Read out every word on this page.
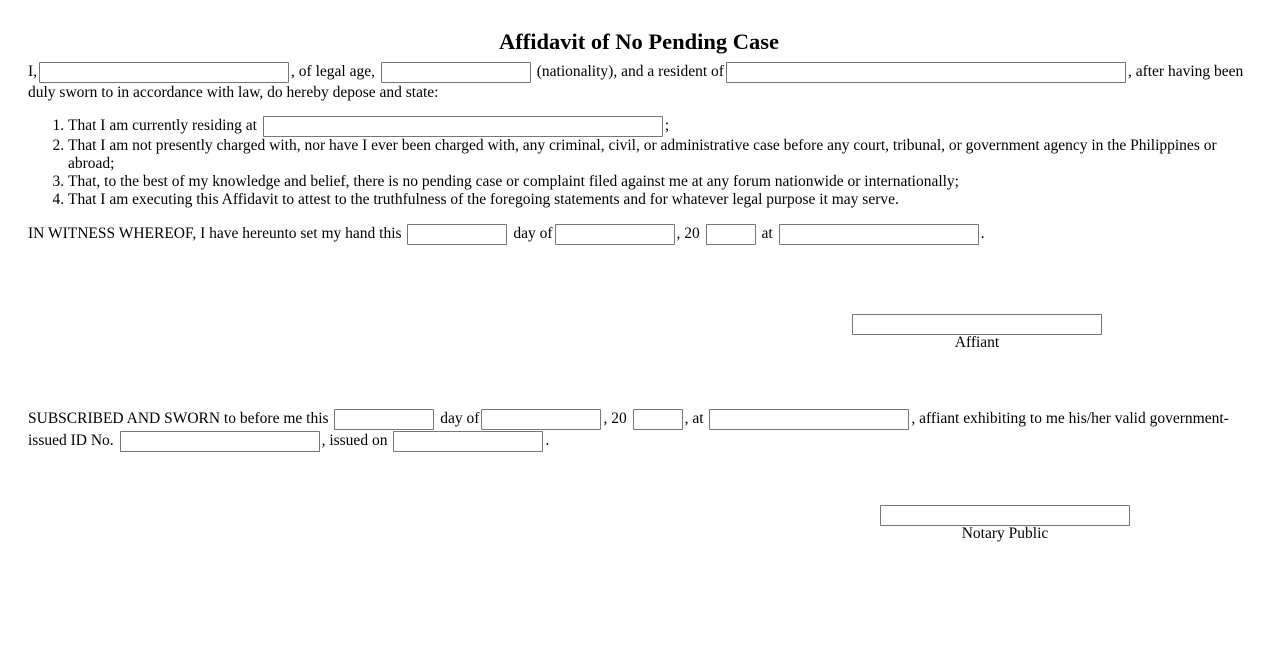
Affidavit of No Pending Case

I,	, of legal age,	(nationality), and a resident of	, after having been duly sworn to in accordance with law, do hereby depose and state:

1. That I am currently residing at	;
2. That I am not presently charged with, nor have I ever been charged with, any criminal, civil, or administrative case before any court, tribunal, or government agency in the Philippines or abroad;
3. That, to the best of my knowledge and belief, there is no pending case or complaint filed against me at any forum nationwide or internationally;
4. That I am executing this Affidavit to attest to the truthfulness of the foregoing statements and for whatever legal purpose it may serve.

IN WITNESS WHEREOF, I have hereunto set my hand this	day of	, 20	at	.

Affiant

SUBSCRIBED AND SWORN to before me this	day of	, 20	, at	, affiant exhibiting to me his/her valid government-issued ID No.	, issued on	.

Notary Public
